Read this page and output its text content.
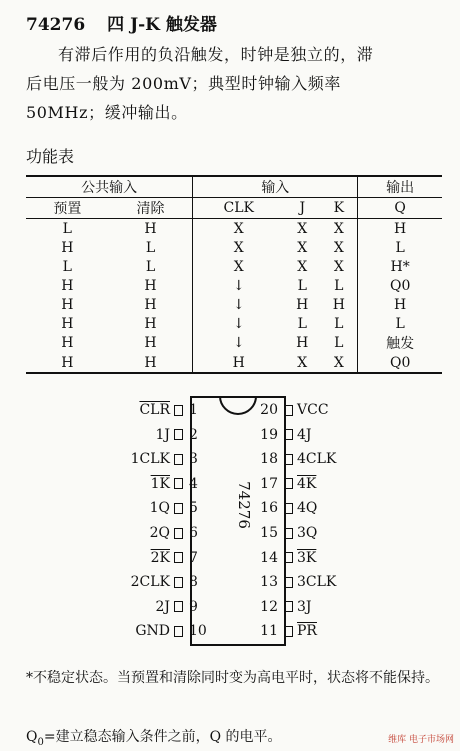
74276 四 J-K 触发器
有滞后作用的负沿触发，时钟是独立的，滞
后电压一般为 200mV；典型时钟输入频率
50MHz；缓冲输出。
功能表
公共输入		输入			输出
预置	清除	CLK	J	K	Q
L	H	X	X	X	H
H	L	X	X	X	L
L	L	X	X	X	H*
H	H	↓	L	L	Q0
H	H	↓	H	H	H
H	H	↓	L	L	L
H	H	↓	H	L	触发
H	H	H	X	X	Q0
74276
$\overline{CLR}$ 1
1J 2
1CLK 3
1K 4
1Q 5
2Q 6
2K 7
2CLK 8
2J 9
GND 10
20 VCC
19 4J
18 4CLK
17 4K
16 4Q
15 3Q
14 3K
13 3CLK
12 3J
11 $\overline{PR}$
*不稳定状态。当预置和清除同时变为高电平时，状态将不能保持。
$Q_0=$建立稳态输入条件之前，Q 的电平。	维库 电子市场网
